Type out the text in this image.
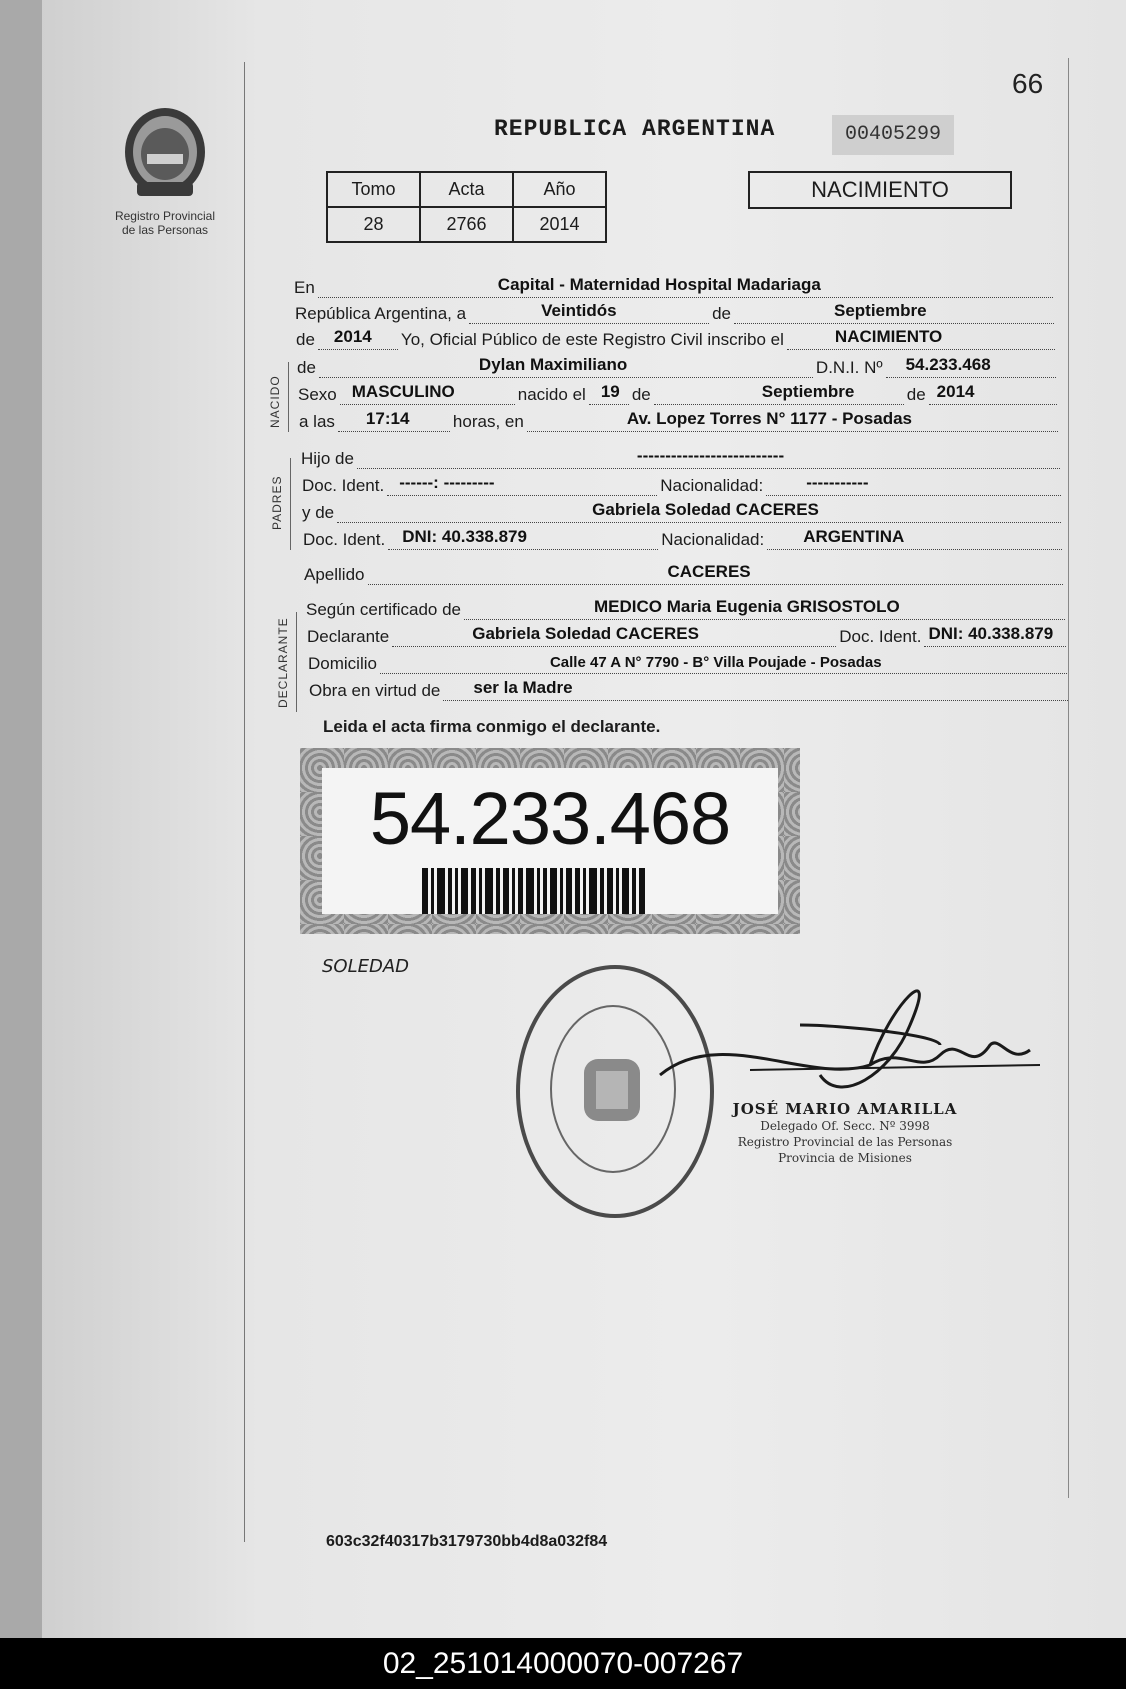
66
Registro Provincial
de las Personas
REPUBLICA ARGENTINA	00405299
Tomo	Acta	Año
28	2766	2014
NACIMIENTO
NACIDO
PADRES
DECLARANTE
En	Capital - Maternidad Hospital Madariaga
República Argentina, a	Veintidós	de	Septiembre
de 2014 Yo, Oficial Público de este Registro Civil inscribo el	NACIMIENTO
de	Dylan Maximiliano	D.N.I. Nº 54.233.468
Sexo MASCULINO	nacido el 19 de	Septiembre	de 2014
a las 17:14	horas, en	Av. Lopez Torres N° 1177 - Posadas
Hijo de	--------------------------
Doc. Ident. ------: ---------	Nacionalidad:	-----------
y de	Gabriela Soledad CACERES
Doc. Ident. DNI: 40.338.879	Nacionalidad: ARGENTINA
Apellido	CACERES
Según certificado de	MEDICO Maria Eugenia GRISOSTOLO
Declarante	Gabriela Soledad CACERES	Doc. Ident. DNI: 40.338.879
Domicilio	Calle 47 A N° 7790 - B° Villa Poujade - Posadas
Obra en virtud de ser la Madre
Leida el acta firma conmigo el declarante.
54.233.468
SOLEDAD
JOSÉ MARIO AMARILLA
Delegado Of. Secc. Nº 3998
Registro Provincial de las Personas
Provincia de Misiones
603c32f40317b3179730bb4d8a032f84
02_251014000070-007267
